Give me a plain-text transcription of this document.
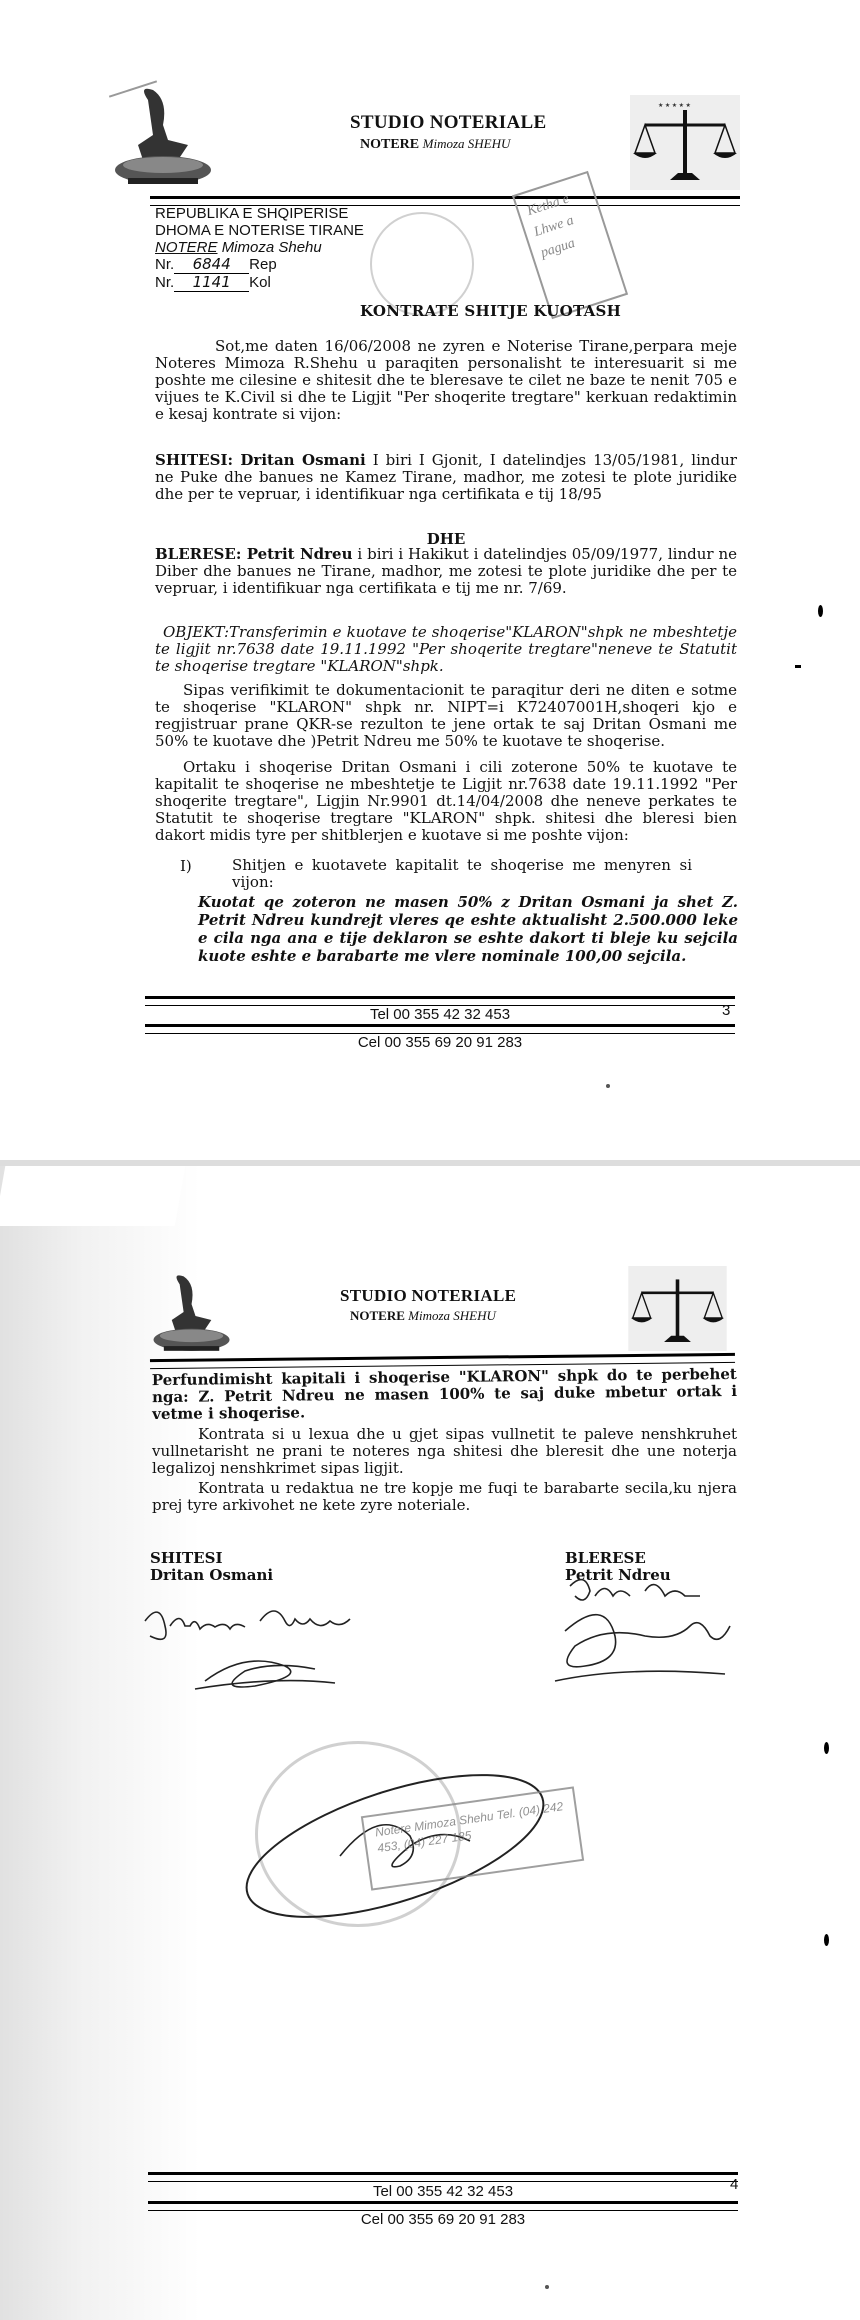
STUDIO NOTERIALE
NOTERE Mimoza SHEHU
★ ★ ★ ★ ★
REPUBLIKA E SHQIPERISE
DHOMA E NOTERISE TIRANE
NOTERE Mimoza Shehu
Nr. 6844 Rep
Nr. 1141 Kol
Ketha e Lhwe a pagua
KONTRATE SHITJE KUOTASH
Sot,me daten 16/06/2008 ne zyren e Noterise Tirane,perpara meje Noteres Mimoza R.Shehu u paraqiten personalisht te interesuarit si me poshte me cilesine e shitesit dhe te bleresave te cilet ne baze te nenit 705 e vijues te K.Civil si dhe te Ligjit "Per shoqerite tregtare" kerkuan redaktimin e kesaj kontrate si vijon:
SHITESI: Dritan Osmani I biri I Gjonit, I datelindjes 13/05/1981, lindur ne Puke dhe banues ne Kamez Tirane, madhor, me zotesi te plote juridike dhe per te vepruar, i identifikuar nga certifikata e tij 18/95
DHE
BLERESE: Petrit Ndreu i biri i Hakikut i datelindjes 05/09/1977, lindur ne Diber dhe banues ne Tirane, madhor, me zotesi te plote juridike dhe per te vepruar, i identifikuar nga certifikata e tij me nr. 7/69.
OBJEKT:Transferimin e kuotave te shoqerise"KLARON"shpk ne mbeshtetje te ligjit nr.7638 date 19.11.1992 "Per shoqerite tregtare"neneve te Statutit te shoqerise tregtare "KLARON"shpk.
Sipas verifikimit te dokumentacionit te paraqitur deri ne diten e sotme te shoqerise "KLARON" shpk nr. NIPT=i K72407001H,shoqeri kjo e regjistruar prane QKR-se rezulton te jene ortak te saj Dritan Osmani me 50% te kuotave dhe )Petrit Ndreu me 50% te kuotave te shoqerise.
Ortaku i shoqerise Dritan Osmani i cili zoterone 50% te kuotave te kapitalit te shoqerise ne mbeshtetje te Ligjit nr.7638 date 19.11.1992 "Per shoqerite tregtare", Ligjin Nr.9901 dt.14/04/2008 dhe neneve perkates te Statutit te shoqerise tregtare "KLARON" shpk. shitesi dhe bleresi bien dakort midis tyre per shitblerjen e kuotave si me poshte vijon:
I)	Shitjen e kuotavete kapitalit te shoqerise me menyren si vijon:
Kuotat qe zoteron ne masen 50% z Dritan Osmani ja shet Z. Petrit Ndreu kundrejt vleres qe eshte aktualisht 2.500.000 leke e cila nga ana e tije deklaron se eshte dakort ti bleje ku sejcila kuote eshte e barabarte me vlere nominale 100,00 sejcila.
Tel 00 355 42 32 453	3
Cel 00 355 69 20 91 283
STUDIO NOTERIALE
NOTERE Mimoza SHEHU
Perfundimisht kapitali i shoqerise "KLARON" shpk do te perbehet nga: Z. Petrit Ndreu ne masen 100% te saj duke mbetur ortak i vetme i shoqerise.
Kontrata si u lexua dhe u gjet sipas vullnetit te paleve nenshkruhet vullnetarisht ne prani te noteres nga shitesi dhe bleresit dhe une noterja legalizoj nenshkrimet sipas ligjit.
Kontrata u redaktua ne tre kopje me fuqi te barabarte secila,ku njera prej tyre arkivohet ne kete zyre noteriale.
SHITESI
Dritan Osmani
BLERESE
Petrit Ndreu
Notere Mimoza Shehu Tel. (04) 242 453, (04) 227 185
Tel 00 355 42 32 453	4
Cel 00 355 69 20 91 283
